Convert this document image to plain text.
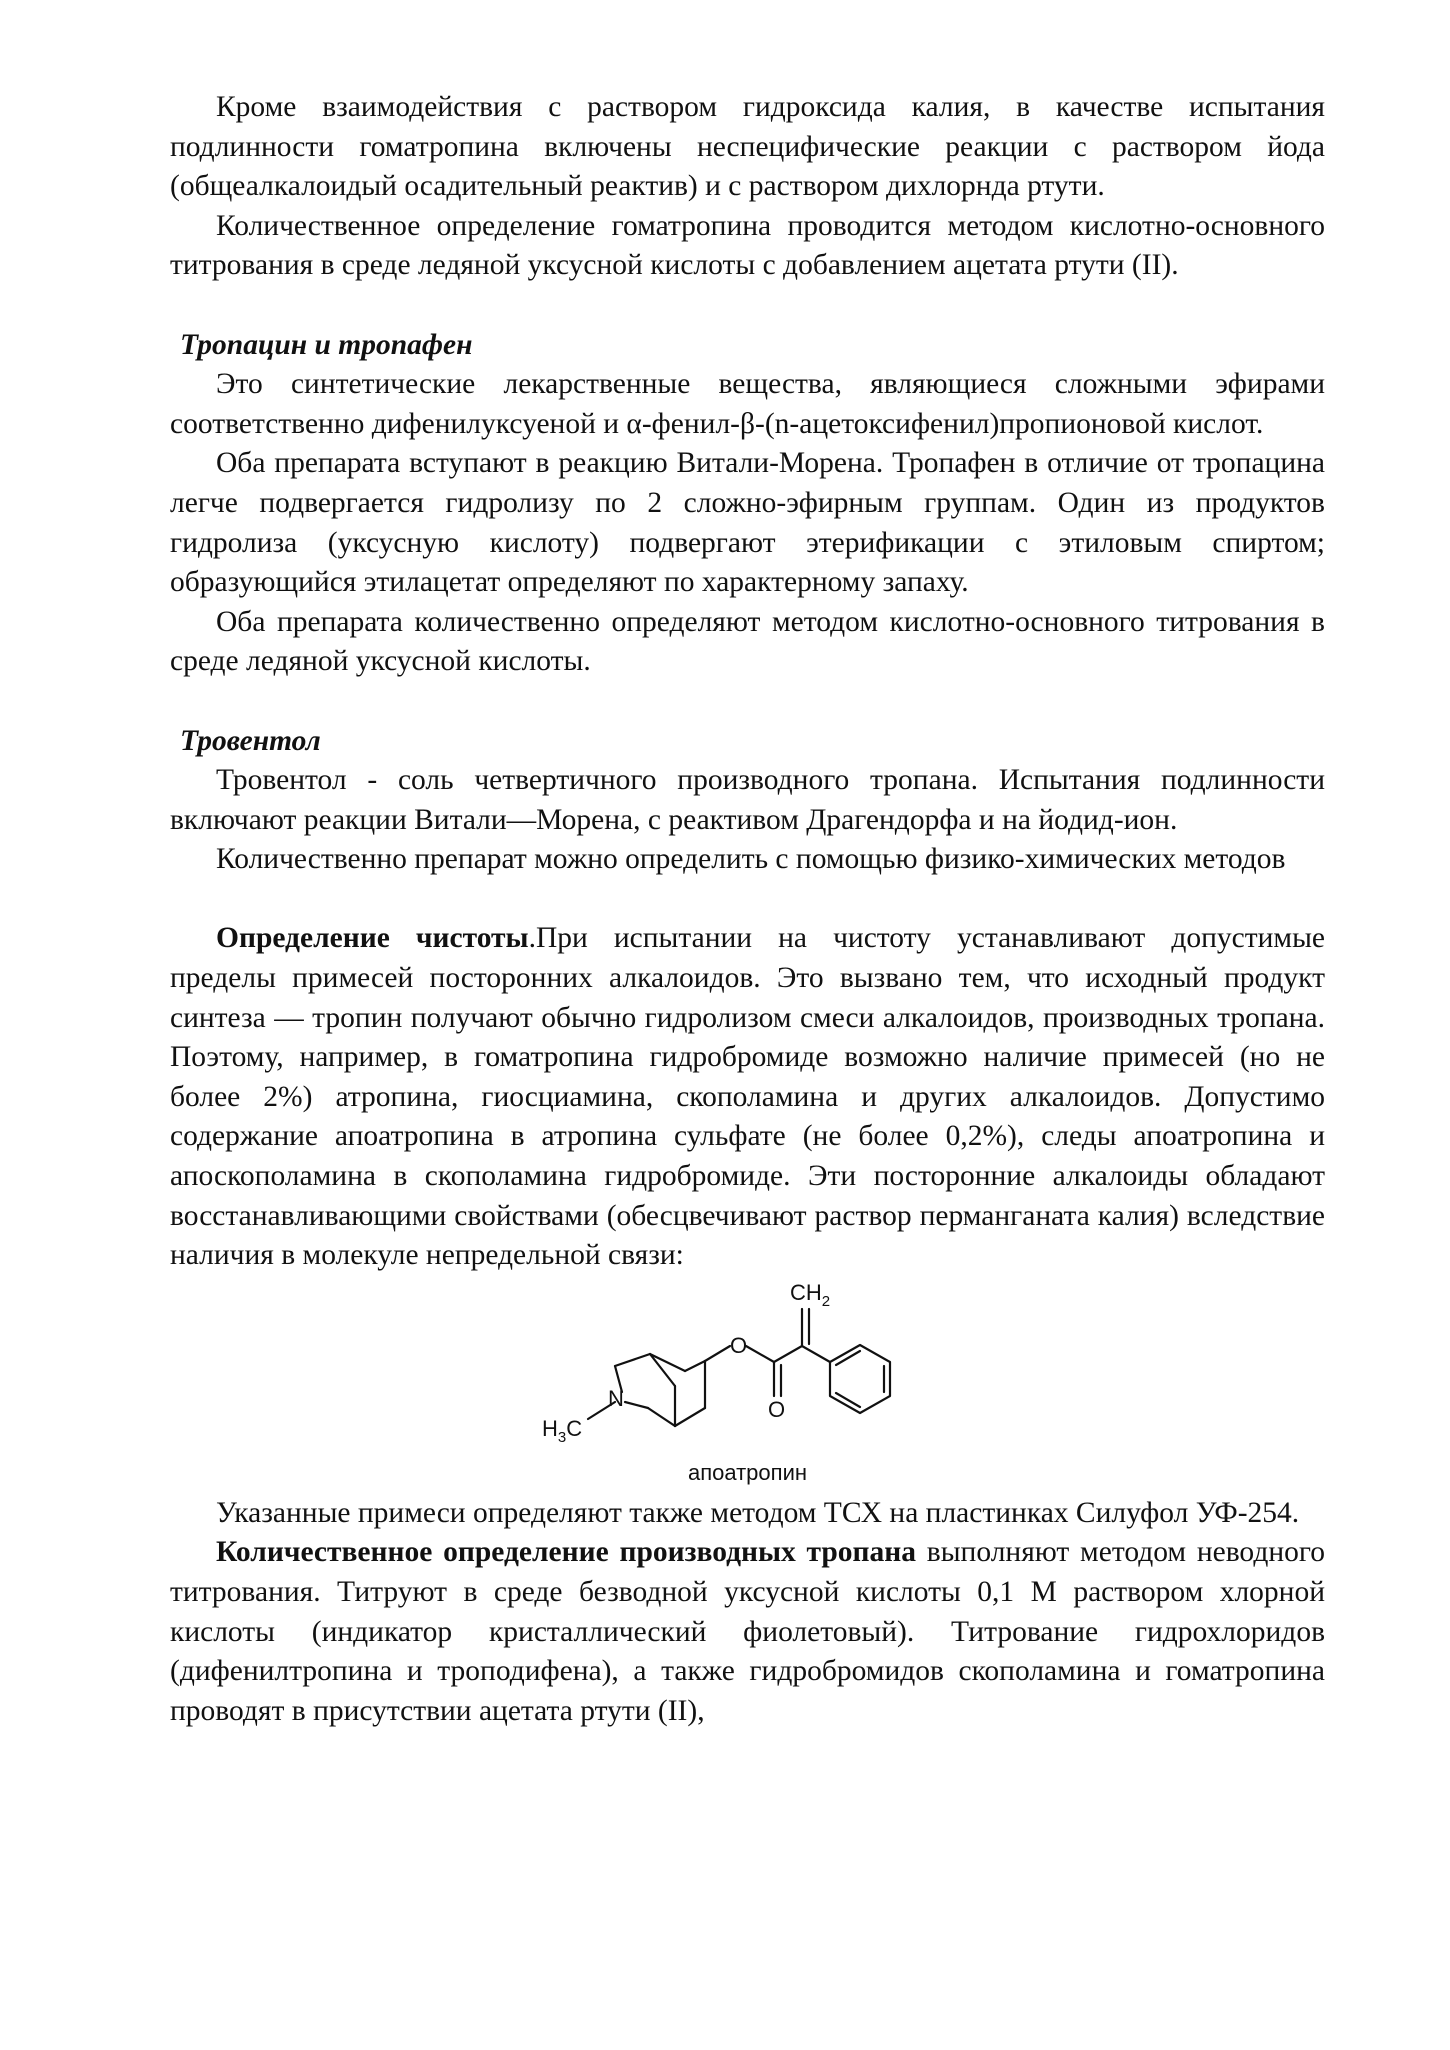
Кроме взаимодействия с раствором гидроксида калия, в качестве испытания подлинности гоматропина включены неспецифические реакции с раствором йода (общеалкалоидый осадительный реактив) и с раствором дихлорнда ртути.

Количественное определение гоматропина проводится методом кислотно-основного титрования в среде ледяной уксусной кислоты с добавлением ацетата ртути (II).

Тропацин и тропафен

Это синтетические лекарственные вещества, являющиеся сложными эфирами соответственно дифенилуксуеной и α-фенил-β-(n-ацетоксифенил)пропионовой кислот.

Оба препарата вступают в реакцию Витали-Морена. Тропафен в отличие от тропацина легче подвергается гидролизу по 2 сложно-эфирным группам. Один из продуктов гидролиза (уксусную кислоту) подвергают этерификации с этиловым спиртом; образующийся этилацетат определяют по характерному запаху.

Оба препарата количественно определяют методом кислотно-основного титрования в среде ледяной уксусной кислоты.

Тровентол

Тровентол - соль четвертичного производного тропана. Испытания подлинности включают реакции Витали—Морена, с реактивом Драгендорфа и на йодид-ион.

Количественно препарат можно определить с помощью физико-химических методов

Определение чистоты.При испытании на чистоту устанавливают допустимые пределы примесей посторонних алкалоидов. Это вызвано тем, что исходный продукт синтеза — тропин получают обычно гидролизом смеси алкалоидов, производных тропана. Поэтому, например, в гоматропина гидробромиде возможно наличие примесей (но не более 2%) атропина, гиосциамина, скополамина и других алкалоидов. Допустимо содержание апоатропина в атропина сульфате (не более 0,2%), следы апоатропина и апоскополамина в скополамина гидробромиде. Эти посторонние алкалоиды обладают восстанавливающими свойствами (обесцвечивают раствор перманганата калия) вследствие наличия в молекуле непредельной связи:

$CH_2$
O
O
N
$H_3C$
апоатропин

Указанные примеси определяют также методом ТСХ на пластинках Силуфол УФ-254.

Количественное определение производных тропана выполняют методом неводного титрования. Титруют в среде безводной уксусной кислоты 0,1 М раствором хлорной кислоты (индикатор кристаллический фиолетовый). Титрование гидрохлоридов (дифенилтропина и троподифена), а также гидробромидов скополамина и гоматропина проводят в присутствии ацетата ртути (II),
